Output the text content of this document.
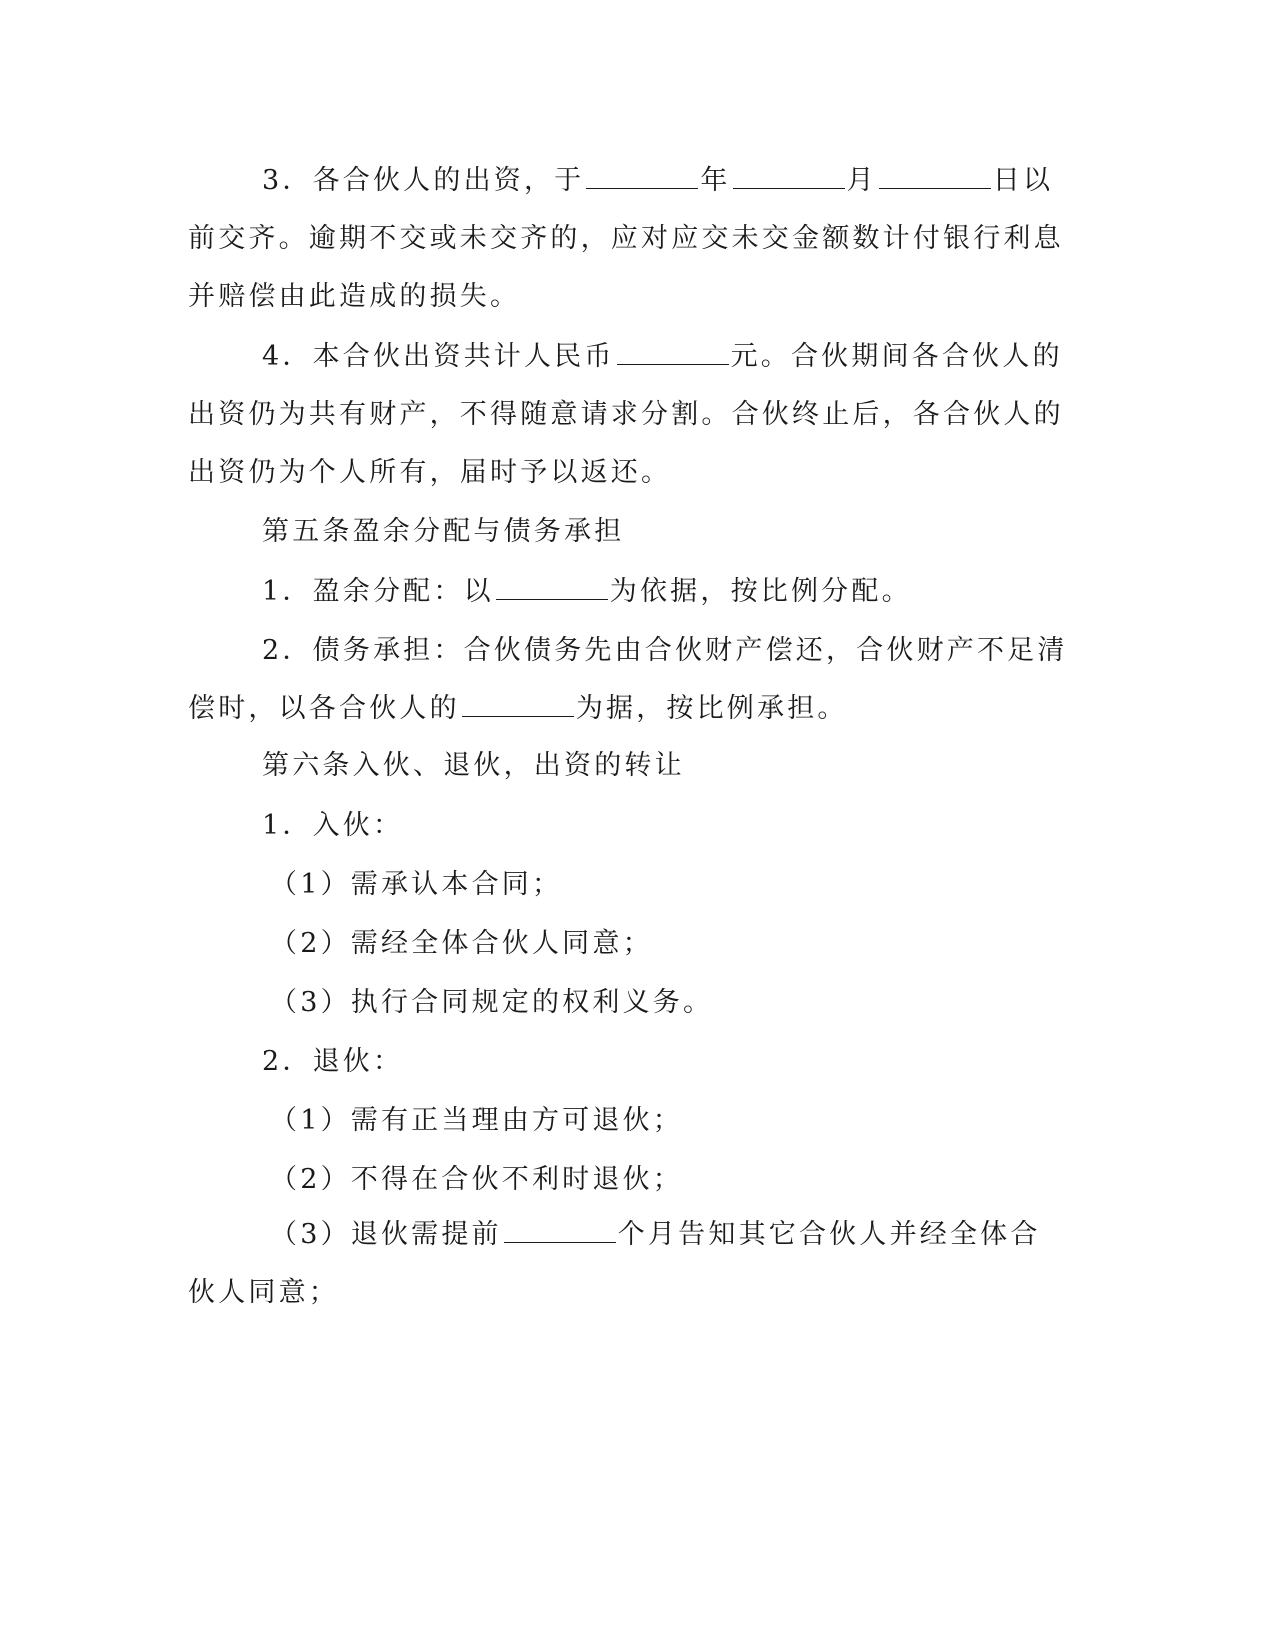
3．各合伙人的出资，于	年	月	日以前交齐。逾期不交或未交齐的，应对应交未交金额数计付银行利息并赔偿由此造成的损失。

4．本合伙出资共计人民币	元。合伙期间各合伙人的出资仍为共有财产，不得随意请求分割。合伙终止后，各合伙人的出资仍为个人所有，届时予以返还。

第五条盈余分配与债务承担
1．盈余分配：以	为依据，按比例分配。

2．债务承担：合伙债务先由合伙财产偿还，合伙财产不足清偿时，以各合伙人的	为据，按比例承担。

第六条入伙、退伙，出资的转让
1．入伙：
（1）需承认本合同；
（2）需经全体合伙人同意；
（3）执行合同规定的权利义务。
2．退伙：
（1）需有正当理由方可退伙；
（2）不得在合伙不利时退伙；

（3）退伙需提前	个月告知其它合伙人并经全体合伙人同意；
